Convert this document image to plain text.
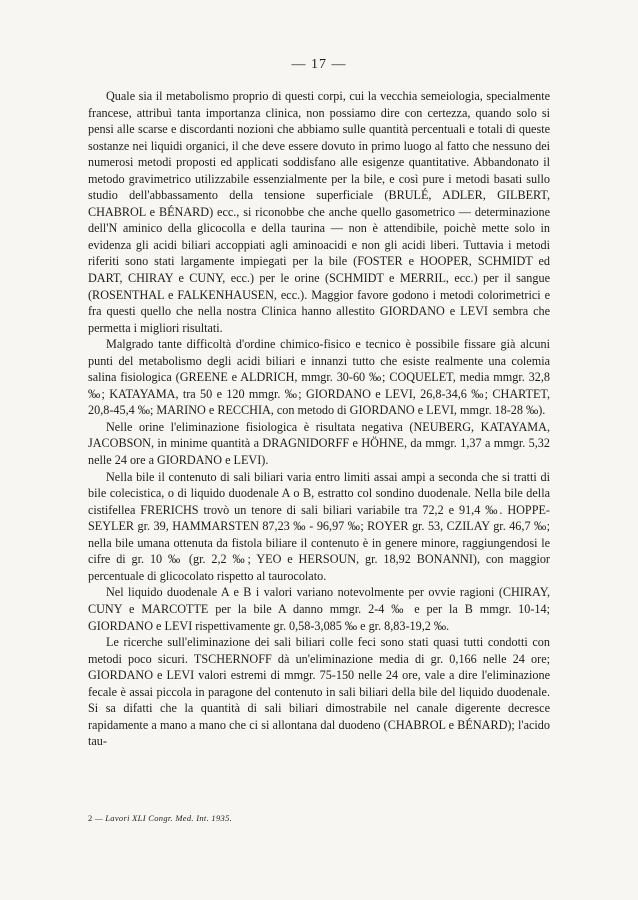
— 17 —

Quale sia il metabolismo proprio di questi corpi, cui la vecchia semeiologia, specialmente francese, attribuì tanta importanza clinica, non possiamo dire con certezza, quando solo si pensi alle scarse e discordanti nozioni che abbiamo sulle quantità percentuali e totali di queste sostanze nei liquidi organici, il che deve essere dovuto in primo luogo al fatto che nessuno dei numerosi metodi proposti ed applicati soddisfano alle esigenze quantitative. Abbandonato il metodo gravimetrico utilizzabile essenzialmente per la bile, e così pure i metodi basati sullo studio dell'abbassamento della tensione superficiale (BRULÉ, ADLER, GILBERT, CHABROL e BÉNARD) ecc., si riconobbe che anche quello gasometrico — determinazione dell'N aminico della glicocolla e della taurina — non è attendibile, poichè mette solo in evidenza gli acidi biliari accoppiati agli aminoacidi e non gli acidi liberi. Tuttavia i metodi riferiti sono stati largamente impiegati per la bile (FOSTER e HOOPER, SCHMIDT ed DART, CHIRAY e CUNY, ecc.) per le orine (SCHMIDT e MERRIL, ecc.) per il sangue (ROSENTHAL e FALKENHAUSEN, ecc.). Maggior favore godono i metodi colorimetrici e fra questi quello che nella nostra Clinica hanno allestito GIORDANO e LEVI sembra che permetta i migliori risultati.

Malgrado tante difficoltà d'ordine chimico-fisico e tecnico è possibile fissare già alcuni punti del metabolismo degli acidi biliari e innanzi tutto che esiste realmente una colemia salina fisiologica (GREENE e ALDRICH, mmgr. 30-60 ‰; COQUELET, media mmgr. 32,8 ‰; KATAYAMA, tra 50 e 120 mmgr. ‰; GIORDANO e LEVI, 26,8-34,6 ‰; CHARTET, 20,8-45,4 ‰; MARINO e RECCHIA, con metodo di GIORDANO e LEVI, mmgr. 18-28 ‰).

Nelle orine l'eliminazione fisiologica è risultata negativa (NEUBERG, KATAYAMA, JACOBSON, in minime quantità a DRAGNIDORFF e HÖHNE, da mmgr. 1,37 a mmgr. 5,32 nelle 24 ore a GIORDANO e LEVI).

Nella bile il contenuto di sali biliari varia entro limiti assai ampi a seconda che si tratti di bile colecistica, o di liquido duodenale A o B, estratto col sondino duodenale. Nella bile della cistifellea FRERICHS trovò un tenore di sali biliari variabile tra 72,2 e 91,4 ‰. HOPPE-SEYLER gr. 39, HAMMARSTEN 87,23 ‰ - 96,97 ‰; ROYER gr. 53, CZILAY gr. 46,7 ‰; nella bile umana ottenuta da fistola biliare il contenuto è in genere minore, raggiungendosi le cifre di gr. 10 ‰ (gr. 2,2 ‰; YEO e HERSOUN, gr. 18,92 BONANNI), con maggior percentuale di glicocolato rispetto al taurocolato.

Nel liquido duodenale A e B i valori variano notevolmente per ovvie ragioni (CHIRAY, CUNY e MARCOTTE per la bile A danno mmgr. 2-4 ‰ e per la B mmgr. 10-14; GIORDANO e LEVI rispettivamente gr. 0,58-3,085 ‰ e gr. 8,83-19,2 ‰.

Le ricerche sull'eliminazione dei sali biliari colle feci sono stati quasi tutti condotti con metodi poco sicuri. TSCHERNOFF dà un'eliminazione media di gr. 0,166 nelle 24 ore; GIORDANO e LEVI valori estremi di mmgr. 75-150 nelle 24 ore, vale a dire l'eliminazione fecale è assai piccola in paragone del contenuto in sali biliari della bile del liquido duodenale. Si sa difatti che la quantità di sali biliari dimostrabile nel canale digerente decresce rapidamente a mano a mano che ci si allontana dal duodeno (CHABROL e BÉNARD); l'acido tau-

2 — Lavori XLI Congr. Med. Int. 1935.
